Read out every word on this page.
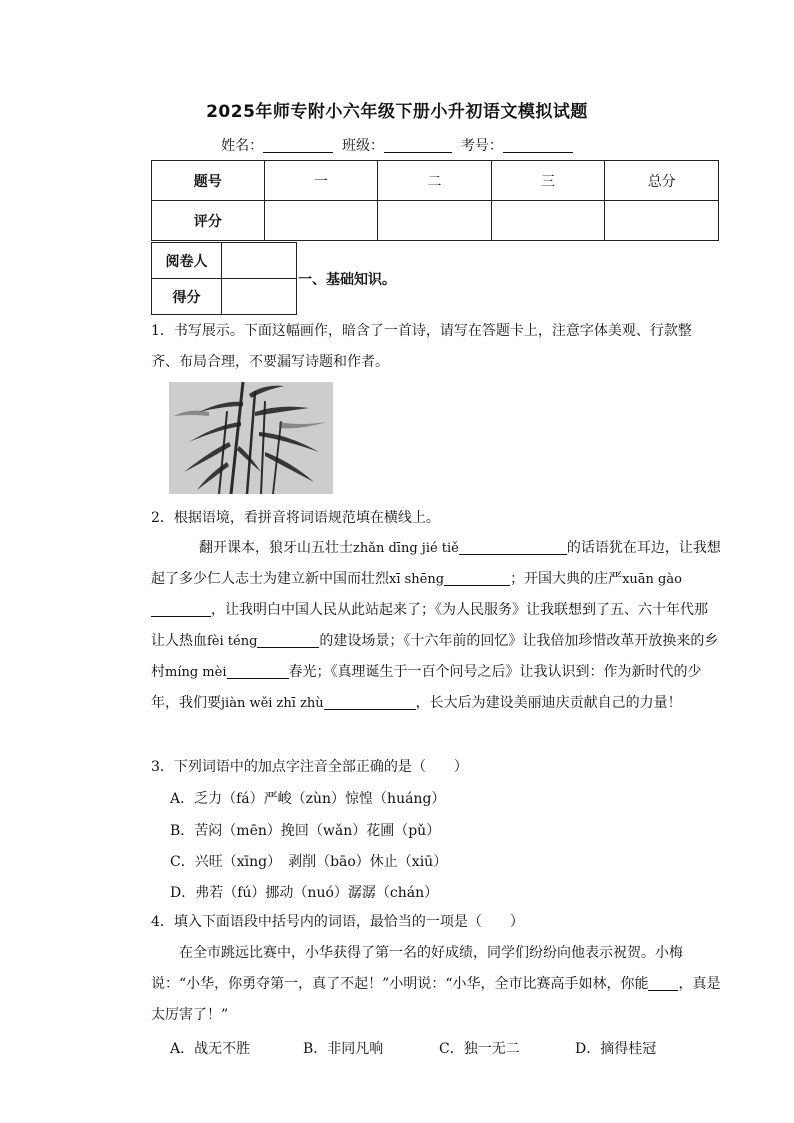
2025年师专附小六年级下册小升初语文模拟试题
姓名：	班级：	考号：
题号	一	二	三	总分
评分				
阅卷人	
得分	
一、基础知识。
1．书写展示。下面这幅画作，暗含了一首诗，请写在答题卡上，注意字体美观、行款整
齐、布局合理，不要漏写诗题和作者。
2．根据语境，看拼音将词语规范填在横线上。
翻开课本，狼牙山五壮士zhǎn dīng jié tiě	的话语犹在耳边，让我想起了多少仁人志士为建立新中国而壮烈xī shēng	；开国大典的庄严xuān gào，让我明白中国人民从此站起来了；《为人民服务》让我联想到了五、六十年代那让人热血fèi téng	的建设场景；《十六年前的回忆》让我倍加珍惜改革开放换来的乡村míng mèi	春光；《真理诞生于一百个问号之后》让我认识到：作为新时代的少年，我们要jiàn wěi zhī zhù	，长大后为建设美丽迪庆贡献自己的力量！
3．下列词语中的加点字注音全部正确的是（　　）
A．乏力（fá）严峻（zùn）惊惶（huáng）
B．苦闷（mēn）挽回（wǎn）花圃（pǔ）
C．兴旺（xīng）　剥削（bāo）休止（xiū）
D．弗若（fú）挪动（nuó）潺潺（chán）
4．填入下面语段中括号内的词语，最恰当的一项是（　　）
在全市跳远比赛中，小华获得了第一名的好成绩，同学们纷纷向他表示祝贺。小梅说：“小华，你勇夺第一，真了不起！”小明说：“小华，全市比赛高手如林，你能 ，真是太厉害了！”
A．战无不胜	B．非同凡响	C．独一无二	D．摘得桂冠
